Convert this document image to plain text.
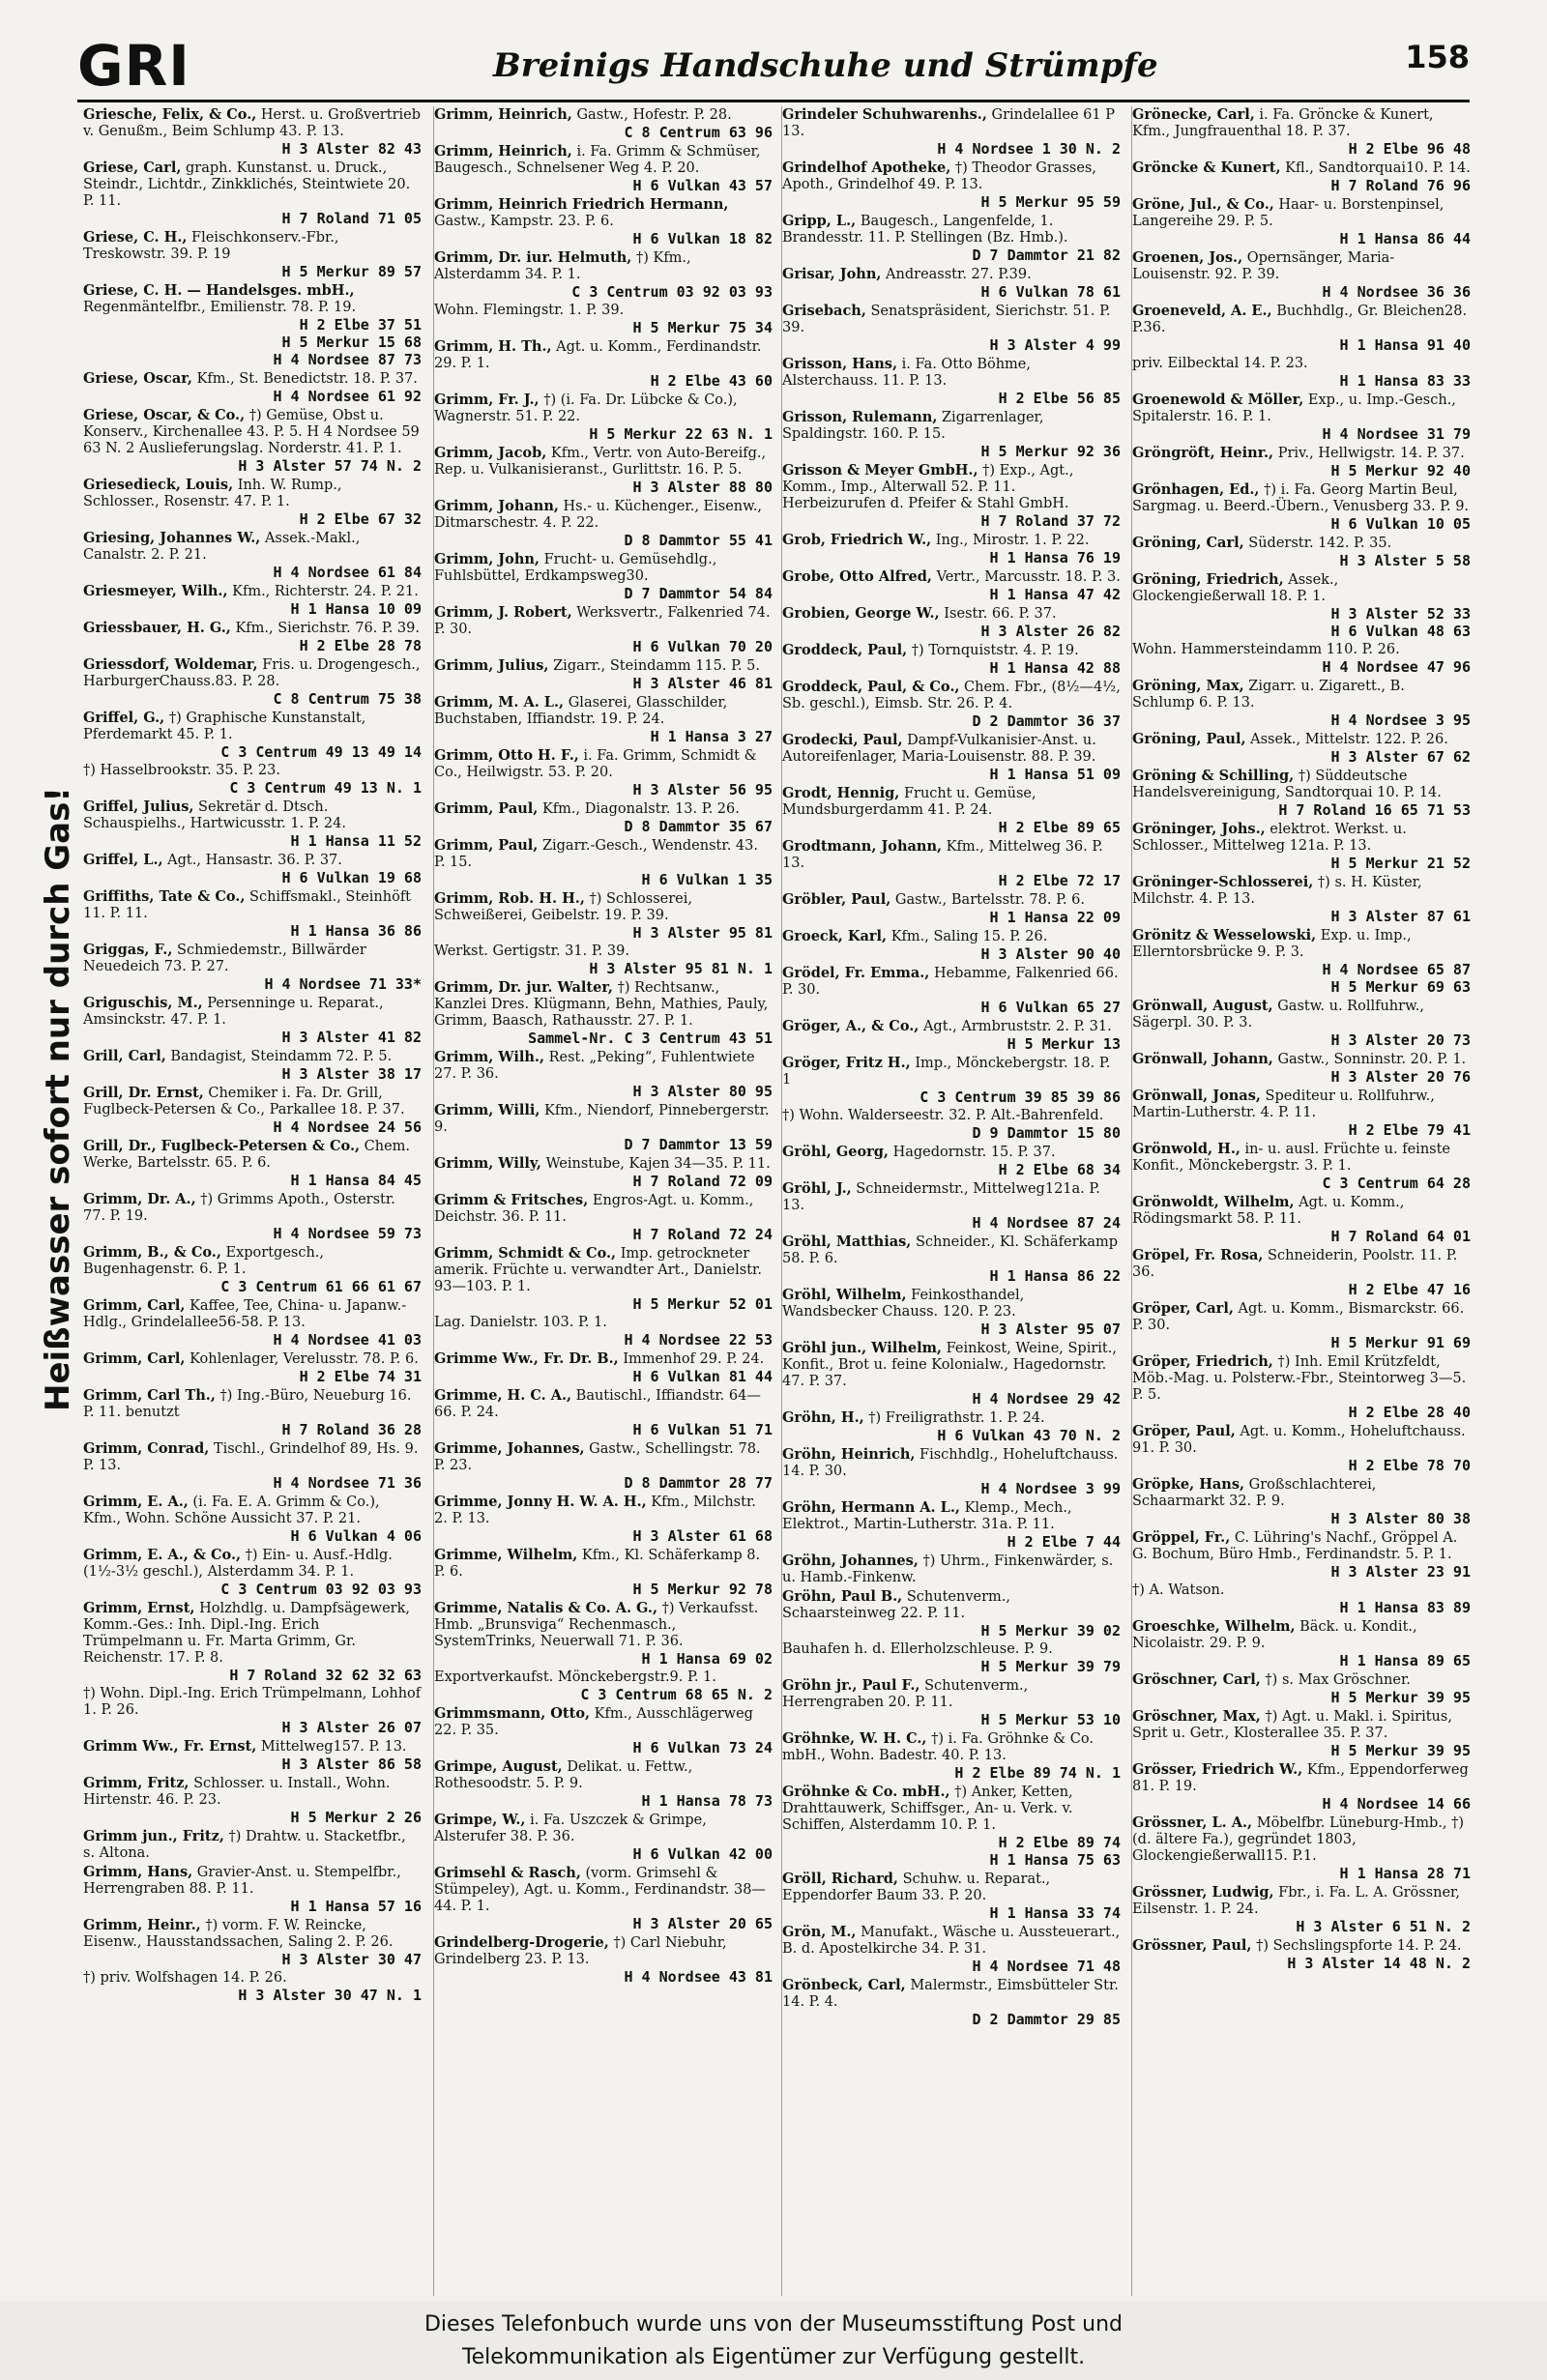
GRI	Breinigs Handschuhe und Strümpfe	158
Heißwasser sofort nur durch Gas!
Griesche, Felix, & Co., Herst. u. Großvertrieb v. Genußm., Beim Schlump 43. P. 13.
H 3 Alster 82 43
Griese, Carl, graph. Kunstanst. u. Druck., Steindr., Lichtdr., Zinkklichés, Steintwiete 20. P. 11.
H 7 Roland 71 05
Griese, C. H., Fleischkonserv.-Fbr., Treskowstr. 39. P. 19
H 5 Merkur 89 57
Griese, C. H. — Handelsges. mbH., Regenmäntelfbr., Emilienstr. 78. P. 19.
H 2 Elbe 37 51
H 5 Merkur 15 68
H 4 Nordsee 87 73
Griese, Oscar, Kfm., St. Benedictstr. 18. P. 37.
H 4 Nordsee 61 92
Griese, Oscar, & Co., †) Gemüse, Obst u. Konserv., Kirchenallee 43. P. 5. H 4 Nordsee 59 63 N. 2 Auslieferungslag. Norderstr. 41. P. 1.
H 3 Alster 57 74 N. 2
Griesedieck, Louis, Inh. W. Rump., Schlosser., Rosenstr. 47. P. 1.
H 2 Elbe 67 32
Griesing, Johannes W., Assek.-Makl., Canalstr. 2. P. 21.
H 4 Nordsee 61 84
Griesmeyer, Wilh., Kfm., Richterstr. 24. P. 21.
H 1 Hansa 10 09
Griessbauer, H. G., Kfm., Sierichstr. 76. P. 39.
H 2 Elbe 28 78
Griessdorf, Woldemar, Fris. u. Drogengesch., HarburgerChauss.83. P. 28.
C 8 Centrum 75 38
Griffel, G., †) Graphische Kunstanstalt, Pferdemarkt 45. P. 1.
C 3 Centrum 49 13 49 14
†) Hasselbrookstr. 35. P. 23.
C 3 Centrum 49 13 N. 1
Griffel, Julius, Sekretär d. Dtsch. Schauspielhs., Hartwicusstr. 1. P. 24.
H 1 Hansa 11 52
Griffel, L., Agt., Hansastr. 36. P. 37.
H 6 Vulkan 19 68
Griffiths, Tate & Co., Schiffsmakl., Steinhöft 11. P. 11.
H 1 Hansa 36 86
Griggas, F., Schmiedemstr., Billwärder Neuedeich 73. P. 27.
H 4 Nordsee 71 33*
Griguschis, M., Persenninge u. Reparat., Amsinckstr. 47. P. 1.
H 3 Alster 41 82
Grill, Carl, Bandagist, Steindamm 72. P. 5.
H 3 Alster 38 17
Grill, Dr. Ernst, Chemiker i. Fa. Dr. Grill, Fuglbeck-Petersen & Co., Parkallee 18. P. 37.
H 4 Nordsee 24 56
Grill, Dr., Fuglbeck-Petersen & Co., Chem. Werke, Bartelsstr. 65. P. 6.
H 1 Hansa 84 45
Grimm, Dr. A., †) Grimms Apoth., Osterstr. 77. P. 19.
H 4 Nordsee 59 73
Grimm, B., & Co., Exportgesch., Bugenhagenstr. 6. P. 1.
C 3 Centrum 61 66 61 67
Grimm, Carl, Kaffee, Tee, China- u. Japanw.-Hdlg., Grindelallee56-58. P. 13.
H 4 Nordsee 41 03
Grimm, Carl, Kohlenlager, Verelusstr. 78. P. 6.
H 2 Elbe 74 31
Grimm, Carl Th., †) Ing.-Büro, Neueburg 16. P. 11. benutzt
H 7 Roland 36 28
Grimm, Conrad, Tischl., Grindelhof 89, Hs. 9. P. 13.
H 4 Nordsee 71 36
Grimm, E. A., (i. Fa. E. A. Grimm & Co.), Kfm., Wohn. Schöne Aussicht 37. P. 21.
H 6 Vulkan 4 06
Grimm, E. A., & Co., †) Ein- u. Ausf.-Hdlg. (1½-3½ geschl.), Alsterdamm 34. P. 1.
C 3 Centrum 03 92 03 93
Grimm, Ernst, Holzhdlg. u. Dampfsägewerk, Komm.-Ges.: Inh. Dipl.-Ing. Erich Trümpelmann u. Fr. Marta Grimm, Gr. Reichenstr. 17. P. 8.
H 7 Roland 32 62 32 63
†) Wohn. Dipl.-Ing. Erich Trümpelmann, Lohhof 1. P. 26.
H 3 Alster 26 07
Grimm Ww., Fr. Ernst, Mittelweg157. P. 13.
H 3 Alster 86 58
Grimm, Fritz, Schlosser. u. Install., Wohn. Hirtenstr. 46. P. 23.
H 5 Merkur 2 26
Grimm jun., Fritz, †) Drahtw. u. Stacketfbr., s. Altona.
Grimm, Hans, Gravier-Anst. u. Stempelfbr., Herrengraben 88. P. 11.
H 1 Hansa 57 16
Grimm, Heinr., †) vorm. F. W. Reincke, Eisenw., Hausstandssachen, Saling 2. P. 26.
H 3 Alster 30 47
†) priv. Wolfshagen 14. P. 26.
H 3 Alster 30 47 N. 1
Grimm, Heinrich, Gastw., Hofestr. P. 28.
C 8 Centrum 63 96
Grimm, Heinrich, i. Fa. Grimm & Schmüser, Baugesch., Schnelsener Weg 4. P. 20.
H 6 Vulkan 43 57
Grimm, Heinrich Friedrich Hermann, Gastw., Kampstr. 23. P. 6.
H 6 Vulkan 18 82
Grimm, Dr. iur. Helmuth, †) Kfm., Alsterdamm 34. P. 1.
C 3 Centrum 03 92 03 93
Wohn. Flemingstr. 1. P. 39.
H 5 Merkur 75 34
Grimm, H. Th., Agt. u. Komm., Ferdinandstr. 29. P. 1.
H 2 Elbe 43 60
Grimm, Fr. J., †) (i. Fa. Dr. Lübcke & Co.), Wagnerstr. 51. P. 22.
H 5 Merkur 22 63 N. 1
Grimm, Jacob, Kfm., Vertr. von Auto-Bereifg., Rep. u. Vulkanisieranst., Gurlittstr. 16. P. 5.
H 3 Alster 88 80
Grimm, Johann, Hs.- u. Küchenger., Eisenw., Ditmarschestr. 4. P. 22.
D 8 Dammtor 55 41
Grimm, John, Frucht- u. Gemüsehdlg., Fuhlsbüttel, Erdkampsweg30.
D 7 Dammtor 54 84
Grimm, J. Robert, Werksvertr., Falkenried 74. P. 30.
H 6 Vulkan 70 20
Grimm, Julius, Zigarr., Steindamm 115. P. 5.
H 3 Alster 46 81
Grimm, M. A. L., Glaserei, Glasschilder, Buchstaben, Iffiandstr. 19. P. 24.
H 1 Hansa 3 27
Grimm, Otto H. F., i. Fa. Grimm, Schmidt & Co., Heilwigstr. 53. P. 20.
H 3 Alster 56 95
Grimm, Paul, Kfm., Diagonalstr. 13. P. 26.
D 8 Dammtor 35 67
Grimm, Paul, Zigarr.-Gesch., Wendenstr. 43. P. 15.
H 6 Vulkan 1 35
Grimm, Rob. H. H., †) Schlosserei, Schweißerei, Geibelstr. 19. P. 39.
H 3 Alster 95 81
Werkst. Gertigstr. 31. P. 39.
H 3 Alster 95 81 N. 1
Grimm, Dr. jur. Walter, †) Rechtsanw., Kanzlei Dres. Klügmann, Behn, Mathies, Pauly, Grimm, Baasch, Rathausstr. 27. P. 1.
Sammel-Nr. C 3 Centrum 43 51
Grimm, Wilh., Rest. „Peking“, Fuhlentwiete 27. P. 36.
H 3 Alster 80 95
Grimm, Willi, Kfm., Niendorf, Pinnebergerstr. 9.
D 7 Dammtor 13 59
Grimm, Willy, Weinstube, Kajen 34—35. P. 11.
H 7 Roland 72 09
Grimm & Fritsches, Engros-Agt. u. Komm., Deichstr. 36. P. 11.
H 7 Roland 72 24
Grimm, Schmidt & Co., Imp. getrockneter amerik. Früchte u. verwandter Art., Danielstr. 93—103. P. 1.
H 5 Merkur 52 01
Lag. Danielstr. 103. P. 1.
H 4 Nordsee 22 53
Grimme Ww., Fr. Dr. B., Immenhof 29. P. 24.
H 6 Vulkan 81 44
Grimme, H. C. A., Bautischl., Iffiandstr. 64—66. P. 24.
H 6 Vulkan 51 71
Grimme, Johannes, Gastw., Schellingstr. 78. P. 23.
D 8 Dammtor 28 77
Grimme, Jonny H. W. A. H., Kfm., Milchstr. 2. P. 13.
H 3 Alster 61 68
Grimme, Wilhelm, Kfm., Kl. Schäferkamp 8. P. 6.
H 5 Merkur 92 78
Grimme, Natalis & Co. A. G., †) Verkaufsst. Hmb. „Brunsviga“ Rechenmasch., SystemTrinks, Neuerwall 71. P. 36.
H 1 Hansa 69 02
Exportverkaufst. Mönckebergstr.9. P. 1.
C 3 Centrum 68 65 N. 2
Grimmsmann, Otto, Kfm., Ausschlägerweg 22. P. 35.
H 6 Vulkan 73 24
Grimpe, August, Delikat. u. Fettw., Rothesoodstr. 5. P. 9.
H 1 Hansa 78 73
Grimpe, W., i. Fa. Uszczek & Grimpe, Alsterufer 38. P. 36.
H 6 Vulkan 42 00
Grimsehl & Rasch, (vorm. Grimsehl & Stümpeley), Agt. u. Komm., Ferdinandstr. 38—44. P. 1.
H 3 Alster 20 65
Grindelberg-Drogerie, †) Carl Niebuhr, Grindelberg 23. P. 13.
H 4 Nordsee 43 81
Grindeler Schuhwarenhs., Grindelallee 61 P 13.
H 4 Nordsee 1 30 N. 2
Grindelhof Apotheke, †) Theodor Grasses, Apoth., Grindelhof 49. P. 13.
H 5 Merkur 95 59
Gripp, L., Baugesch., Langenfelde, 1. Brandesstr. 11. P. Stellingen (Bz. Hmb.).
D 7 Dammtor 21 82
Grisar, John, Andreasstr. 27. P.39.
H 6 Vulkan 78 61
Grisebach, Senatspräsident, Sierichstr. 51. P. 39.
H 3 Alster 4 99
Grisson, Hans, i. Fa. Otto Böhme, Alsterchauss. 11. P. 13.
H 2 Elbe 56 85
Grisson, Rulemann, Zigarrenlager, Spaldingstr. 160. P. 15.
H 5 Merkur 92 36
Grisson & Meyer GmbH., †) Exp., Agt., Komm., Imp., Alterwall 52. P. 11. Herbeizurufen d. Pfeifer & Stahl GmbH.
H 7 Roland 37 72
Grob, Friedrich W., Ing., Mirostr. 1. P. 22.
H 1 Hansa 76 19
Grobe, Otto Alfred, Vertr., Marcusstr. 18. P. 3.
H 1 Hansa 47 42
Grobien, George W., Isestr. 66. P. 37.
H 3 Alster 26 82
Groddeck, Paul, †) Tornquiststr. 4. P. 19.
H 1 Hansa 42 88
Groddeck, Paul, & Co., Chem. Fbr., (8½—4½, Sb. geschl.), Eimsb. Str. 26. P. 4.
D 2 Dammtor 36 37
Grodecki, Paul, Dampf-Vulkanisier-Anst. u. Autoreifenlager, Maria-Louisenstr. 88. P. 39.
H 1 Hansa 51 09
Grodt, Hennig, Frucht u. Gemüse, Mundsburgerdamm 41. P. 24.
H 2 Elbe 89 65
Grodtmann, Johann, Kfm., Mittelweg 36. P. 13.
H 2 Elbe 72 17
Gröbler, Paul, Gastw., Bartelsstr. 78. P. 6.
H 1 Hansa 22 09
Groeck, Karl, Kfm., Saling 15. P. 26.
H 3 Alster 90 40
Grödel, Fr. Emma., Hebamme, Falkenried 66. P. 30.
H 6 Vulkan 65 27
Gröger, A., & Co., Agt., Armbruststr. 2. P. 31.
H 5 Merkur 13
Gröger, Fritz H., Imp., Mönckebergstr. 18. P. 1
C 3 Centrum 39 85 39 86
†) Wohn. Walderseestr. 32. P. Alt.-Bahrenfeld.
D 9 Dammtor 15 80
Gröhl, Georg, Hagedornstr. 15. P. 37.
H 2 Elbe 68 34
Gröhl, J., Schneidermstr., Mittelweg121a. P. 13.
H 4 Nordsee 87 24
Gröhl, Matthias, Schneider., Kl. Schäferkamp 58. P. 6.
H 1 Hansa 86 22
Gröhl, Wilhelm, Feinkosthandel, Wandsbecker Chauss. 120. P. 23.
H 3 Alster 95 07
Gröhl jun., Wilhelm, Feinkost, Weine, Spirit., Konfit., Brot u. feine Kolonialw., Hagedornstr. 47. P. 37.
H 4 Nordsee 29 42
Gröhn, H., †) Freiligrathstr. 1. P. 24.
H 6 Vulkan 43 70 N. 2
Gröhn, Heinrich, Fischhdlg., Hoheluftchauss. 14. P. 30.
H 4 Nordsee 3 99
Gröhn, Hermann A. L., Klemp., Mech., Elektrot., Martin-Lutherstr. 31a. P. 11.
H 2 Elbe 7 44
Gröhn, Johannes, †) Uhrm., Finkenwärder, s. u. Hamb.-Finkenw.
Gröhn, Paul B., Schutenverm., Schaarsteinweg 22. P. 11.
H 5 Merkur 39 02
Bauhafen h. d. Ellerholzschleuse. P. 9.
H 5 Merkur 39 79
Gröhn jr., Paul F., Schutenverm., Herrengraben 20. P. 11.
H 5 Merkur 53 10
Gröhnke, W. H. C., †) i. Fa. Gröhnke & Co. mbH., Wohn. Badestr. 40. P. 13.
H 2 Elbe 89 74 N. 1
Gröhnke & Co. mbH., †) Anker, Ketten, Drahttauwerk, Schiffsger., An- u. Verk. v. Schiffen, Alsterdamm 10. P. 1.
H 2 Elbe 89 74
H 1 Hansa 75 63
Gröll, Richard, Schuhw. u. Reparat., Eppendorfer Baum 33. P. 20.
H 1 Hansa 33 74
Grön, M., Manufakt., Wäsche u. Aussteuerart., B. d. Apostelkirche 34. P. 31.
H 4 Nordsee 71 48
Grönbeck, Carl, Malermstr., Eimsbütteler Str. 14. P. 4.
D 2 Dammtor 29 85
Grönecke, Carl, i. Fa. Gröncke & Kunert, Kfm., Jungfrauenthal 18. P. 37.
H 2 Elbe 96 48
Gröncke & Kunert, Kfl., Sandtorquai10. P. 14.
H 7 Roland 76 96
Gröne, Jul., & Co., Haar- u. Borstenpinsel, Langereihe 29. P. 5.
H 1 Hansa 86 44
Groenen, Jos., Opernsänger, Maria-Louisenstr. 92. P. 39.
H 4 Nordsee 36 36
Groeneveld, A. E., Buchhdlg., Gr. Bleichen28. P.36.
H 1 Hansa 91 40
priv. Eilbecktal 14. P. 23.
H 1 Hansa 83 33
Groenewold & Möller, Exp., u. Imp.-Gesch., Spitalerstr. 16. P. 1.
H 4 Nordsee 31 79
Gröngröft, Heinr., Priv., Hellwigstr. 14. P. 37.
H 5 Merkur 92 40
Grönhagen, Ed., †) i. Fa. Georg Martin Beul, Sargmag. u. Beerd.-Übern., Venusberg 33. P. 9.
H 6 Vulkan 10 05
Gröning, Carl, Süderstr. 142. P. 35.
H 3 Alster 5 58
Gröning, Friedrich, Assek., Glockengießerwall 18. P. 1.
H 3 Alster 52 33
H 6 Vulkan 48 63
Wohn. Hammersteindamm 110. P. 26.
H 4 Nordsee 47 96
Gröning, Max, Zigarr. u. Zigarett., B. Schlump 6. P. 13.
H 4 Nordsee 3 95
Gröning, Paul, Assek., Mittelstr. 122. P. 26.
H 3 Alster 67 62
Gröning & Schilling, †) Süddeutsche Handelsvereinigung, Sandtorquai 10. P. 14.
H 7 Roland 16 65 71 53
Gröninger, Johs., elektrot. Werkst. u. Schlosser., Mittelweg 121a. P. 13.
H 5 Merkur 21 52
Gröninger-Schlosserei, †) s. H. Küster, Milchstr. 4. P. 13.
H 3 Alster 87 61
Grönitz & Wesselowski, Exp. u. Imp., Ellerntorsbrücke 9. P. 3.
H 4 Nordsee 65 87
H 5 Merkur 69 63
Grönwall, August, Gastw. u. Rollfuhrw., Sägerpl. 30. P. 3.
H 3 Alster 20 73
Grönwall, Johann, Gastw., Sonninstr. 20. P. 1.
H 3 Alster 20 76
Grönwall, Jonas, Spediteur u. Rollfuhrw., Martin-Lutherstr. 4. P. 11.
H 2 Elbe 79 41
Grönwold, H., in- u. ausl. Früchte u. feinste Konfit., Mönckebergstr. 3. P. 1.
C 3 Centrum 64 28
Grönwoldt, Wilhelm, Agt. u. Komm., Rödingsmarkt 58. P. 11.
H 7 Roland 64 01
Gröpel, Fr. Rosa, Schneiderin, Poolstr. 11. P. 36.
H 2 Elbe 47 16
Gröper, Carl, Agt. u. Komm., Bismarckstr. 66. P. 30.
H 5 Merkur 91 69
Gröper, Friedrich, †) Inh. Emil Krützfeldt, Möb.-Mag. u. Polsterw.-Fbr., Steintorweg 3—5. P. 5.
H 2 Elbe 28 40
Gröper, Paul, Agt. u. Komm., Hoheluftchauss. 91. P. 30.
H 2 Elbe 78 70
Gröpke, Hans, Großschlachterei, Schaarmarkt 32. P. 9.
H 3 Alster 80 38
Gröppel, Fr., C. Lühring's Nachf., Gröppel A. G. Bochum, Büro Hmb., Ferdinandstr. 5. P. 1.
H 3 Alster 23 91
†) A. Watson.
H 1 Hansa 83 89
Groeschke, Wilhelm, Bäck. u. Kondit., Nicolaistr. 29. P. 9.
H 1 Hansa 89 65
Gröschner, Carl, †) s. Max Gröschner.
H 5 Merkur 39 95
Gröschner, Max, †) Agt. u. Makl. i. Spiritus, Sprit u. Getr., Klosterallee 35. P. 37.
H 5 Merkur 39 95
Grösser, Friedrich W., Kfm., Eppendorferweg 81. P. 19.
H 4 Nordsee 14 66
Grössner, L. A., Möbelfbr. Lüneburg-Hmb., †) (d. ältere Fa.), gegründet 1803, Glockengießerwall15. P.1.
H 1 Hansa 28 71
Grössner, Ludwig, Fbr., i. Fa. L. A. Grössner, Eilsenstr. 1. P. 24.
H 3 Alster 6 51 N. 2
Grössner, Paul, †) Sechslingspforte 14. P. 24.
H 3 Alster 14 48 N. 2
Dieses Telefonbuch wurde uns von der Museumsstiftung Post und
Telekommunikation als Eigentümer zur Verfügung gestellt.
